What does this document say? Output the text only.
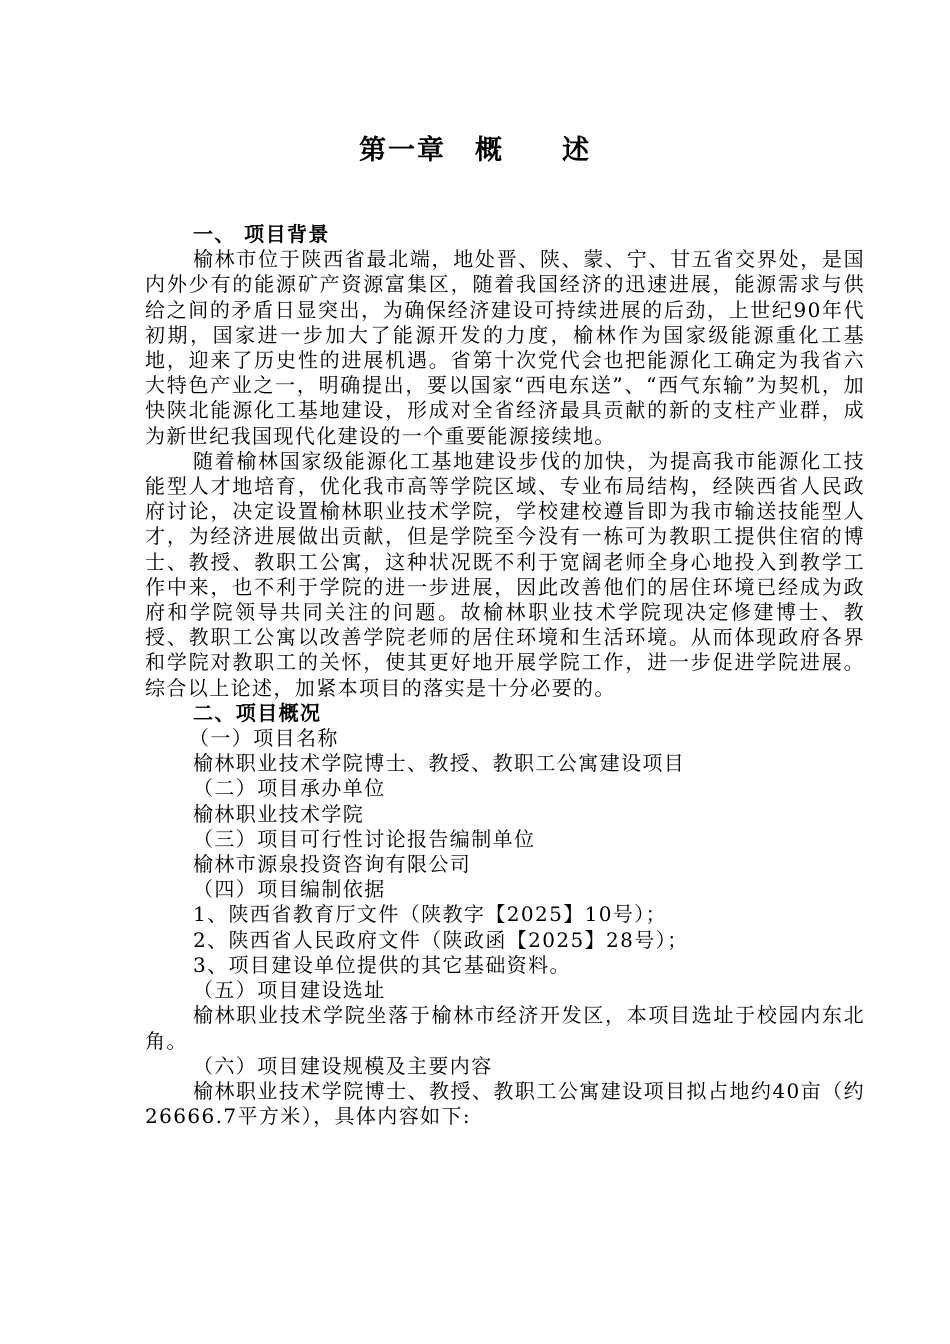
第一章　概　　述

一、 项目背景

榆林市位于陕西省最北端，地处晋、陕、蒙、宁、甘五省交界处，是国内外少有的能源矿产资源富集区，随着我国经济的迅速进展，能源需求与供给之间的矛盾日显突出，为确保经济建设可持续进展的后劲，上世纪90年代初期，国家进一步加大了能源开发的力度，榆林作为国家级能源重化工基地，迎来了历史性的进展机遇。省第十次党代会也把能源化工确定为我省六大特色产业之一，明确提出，要以国家“西电东送”、“西气东输”为契机，加快陕北能源化工基地建设，形成对全省经济最具贡献的新的支柱产业群，成为新世纪我国现代化建设的一个重要能源接续地。

随着榆林国家级能源化工基地建设步伐的加快，为提高我市能源化工技能型人才地培育，优化我市高等学院区域、专业布局结构，经陕西省人民政府讨论，决定设置榆林职业技术学院，学校建校遵旨即为我市输送技能型人才，为经济进展做出贡献，但是学院至今没有一栋可为教职工提供住宿的博士、教授、教职工公寓，这种状况既不利于宽阔老师全身心地投入到教学工作中来，也不利于学院的进一步进展，因此改善他们的居住环境已经成为政府和学院领导共同关注的问题。故榆林职业技术学院现决定修建博士、教授、教职工公寓以改善学院老师的居住环境和生活环境。从而体现政府各界和学院对教职工的关怀，使其更好地开展学院工作，进一步促进学院进展。综合以上论述，加紧本项目的落实是十分必要的。

二、项目概况

（一）项目名称

榆林职业技术学院博士、教授、教职工公寓建设项目

（二）项目承办单位

榆林职业技术学院

（三）项目可行性讨论报告编制单位

榆林市源泉投资咨询有限公司

（四）项目编制依据

1、陕西省教育厅文件（陕教字【2025】10号）；

2、陕西省人民政府文件（陕政函【2025】28号）；

3、项目建设单位提供的其它基础资料。

（五）项目建设选址

榆林职业技术学院坐落于榆林市经济开发区，本项目选址于校园内东北角。

（六）项目建设规模及主要内容

榆林职业技术学院博士、教授、教职工公寓建设项目拟占地约40亩（约26666.7平方米），具体内容如下:
